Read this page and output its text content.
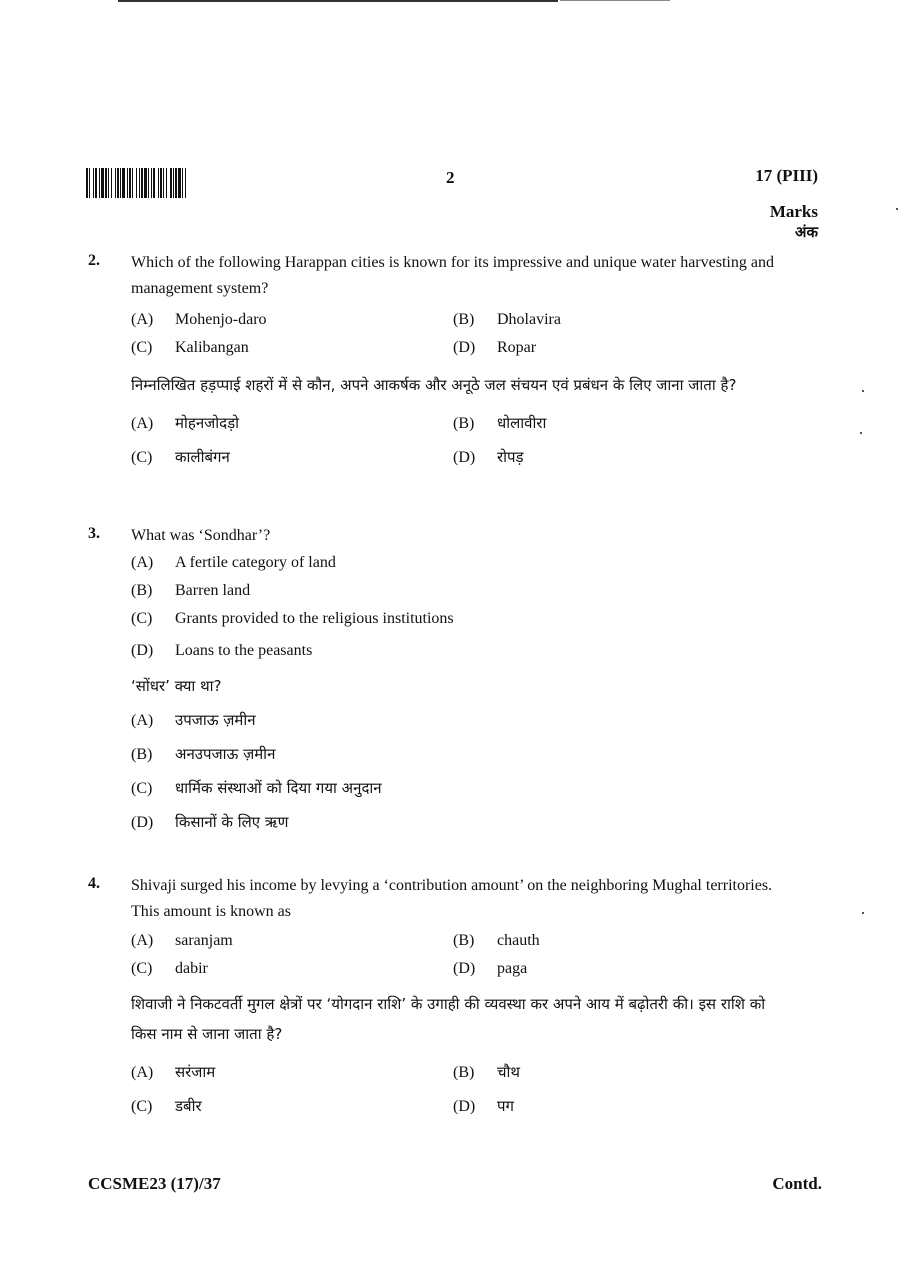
2	17 (PIII)
Marks
अंक
2. Which of the following Harappan cities is known for its impressive and unique water harvesting and management system?
(A) Mohenjo-daro	(B) Dholavira
(C) Kalibangan	(D) Ropar
निम्नलिखित हड़प्पाई शहरों में से कौन, अपने आकर्षक और अनूठे जल संचयन एवं प्रबंधन के लिए जाना जाता है?
(A) मोहनजोदड़ो	(B) धोलावीरा
(C) कालीबंगन	(D) रोपड़
3. What was ‘Sondhar’?
(A) A fertile category of land
(B) Barren land
(C) Grants provided to the religious institutions
(D) Loans to the peasants
‘सोंधर’ क्या था?
(A) उपजाऊ ज़मीन
(B) अनउपजाऊ ज़मीन
(C) धार्मिक संस्थाओं को दिया गया अनुदान
(D) किसानों के लिए ऋण
4. Shivaji surged his income by levying a ‘contribution amount’ on the neighboring Mughal territories. This amount is known as
(A) saranjam	(B) chauth
(C) dabir	(D) paga
शिवाजी ने निकटवर्ती मुगल क्षेत्रों पर ‘योगदान राशि’ के उगाही की व्यवस्था कर अपने आय में बढ़ोतरी की। इस राशि को किस नाम से जाना जाता है?
(A) सरंजाम	(B) चौथ
(C) डबीर	(D) पग
CCSME23 (17)/37	Contd.
